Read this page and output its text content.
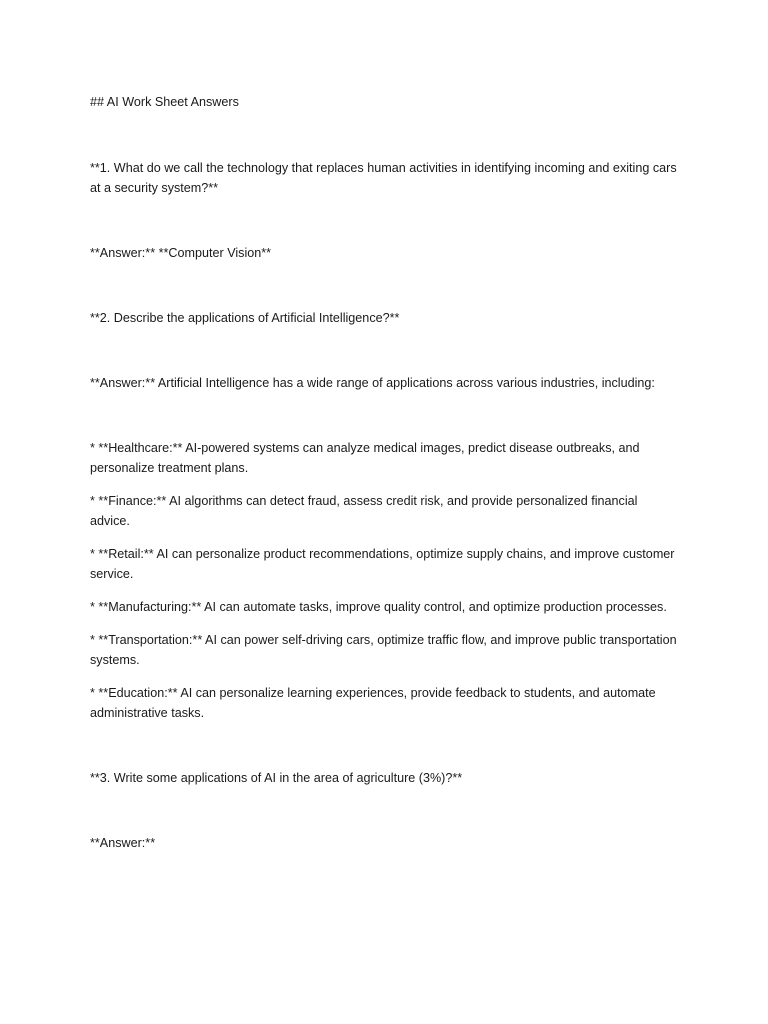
## AI Work Sheet Answers

**1. What do we call the technology that replaces human activities in identifying incoming and exiting cars at a security system?**

**Answer:** **Computer Vision**

**2. Describe the applications of Artificial Intelligence?**

**Answer:** Artificial Intelligence has a wide range of applications across various industries, including:

* **Healthcare:** AI-powered systems can analyze medical images, predict disease outbreaks, and personalize treatment plans.

* **Finance:** AI algorithms can detect fraud, assess credit risk, and provide personalized financial advice.

* **Retail:** AI can personalize product recommendations, optimize supply chains, and improve customer service.

* **Manufacturing:** AI can automate tasks, improve quality control, and optimize production processes.

* **Transportation:** AI can power self-driving cars, optimize traffic flow, and improve public transportation systems.

* **Education:** AI can personalize learning experiences, provide feedback to students, and automate administrative tasks.

**3. Write some applications of AI in the area of agriculture (3%)?**

**Answer:**
